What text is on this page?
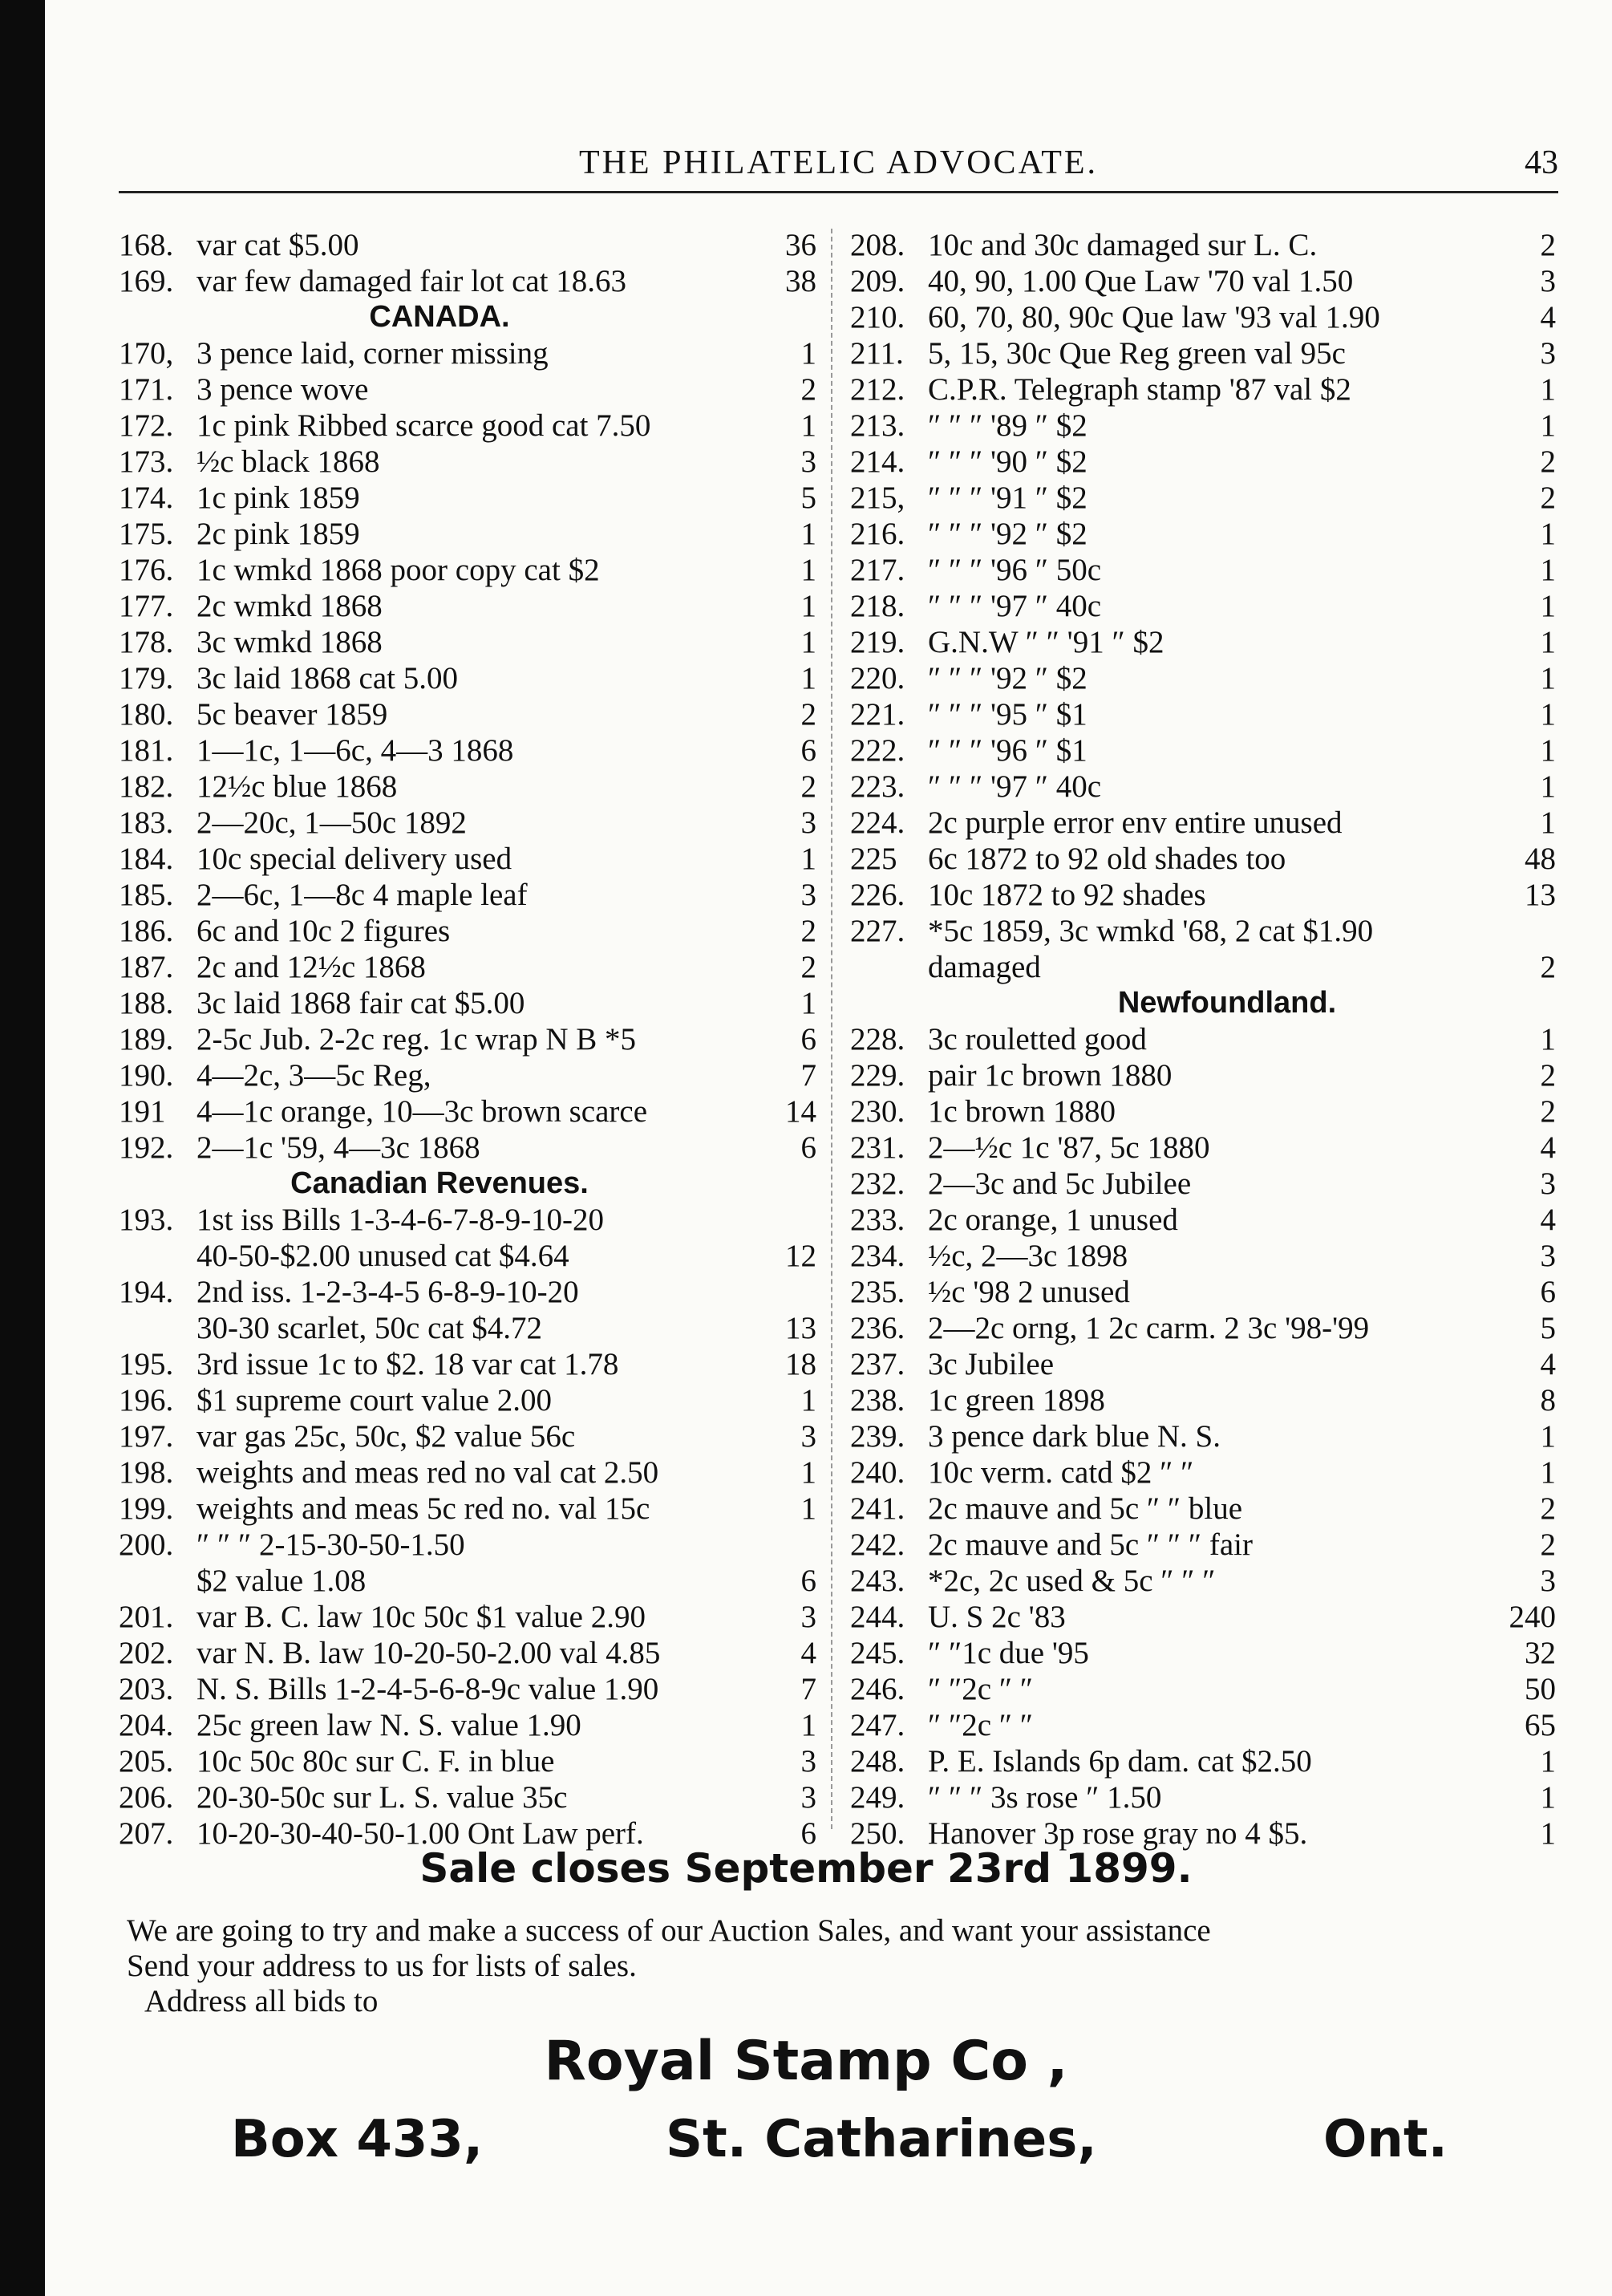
THE PHILATELIC ADVOCATE.	43
168. var cat $5.00	36
169. var few damaged fair lot cat 18.63	38
CANADA.
170, 3 pence laid, corner missing	1
171. 3 pence wove	2
172. 1c pink Ribbed scarce good cat 7.50	1
173. ½c black 1868	3
174. 1c pink 1859	5
175. 2c pink 1859	1
176. 1c wmkd 1868 poor copy cat $2	1
177. 2c wmkd 1868	1
178. 3c wmkd 1868	1
179. 3c laid 1868 cat 5.00	1
180. 5c beaver 1859	2
181. 1—1c, 1—6c, 4—3 1868	6
182. 12½c blue 1868	2
183. 2—20c, 1—50c 1892	3
184. 10c special delivery used	1
185. 2—6c, 1—8c 4 maple leaf	3
186. 6c and 10c 2 figures	2
187. 2c and 12½c 1868	2
188. 3c laid 1868 fair cat $5.00	1
189. 2-5c Jub. 2-2c reg. 1c wrap N B *5	6
190. 4—2c, 3—5c Reg,	7
191 4—1c orange, 10—3c brown scarce	14
192. 2—1c '59, 4—3c 1868	6
Canadian Revenues.
193. 1st iss Bills 1-3-4-6-7-8-9-10-20
40-50-$2.00 unused cat $4.64	12
194. 2nd iss. 1-2-3-4-5 6-8-9-10-20
30-30 scarlet, 50c cat $4.72	13
195. 3rd issue 1c to $2. 18 var cat 1.78	18
196. $1 supreme court value 2.00	1
197. var gas 25c, 50c, $2 value 56c	3
198. weights and meas red no val cat 2.50	1
199. weights and meas 5c red no. val 15c	1
200. ″ ″ ″ 2-15-30-50-1.50
$2 value 1.08	6
201. var B. C. law 10c 50c $1 value 2.90	3
202. var N. B. law 10-20-50-2.00 val 4.85	4
203. N. S. Bills 1-2-4-5-6-8-9c value 1.90	7
204. 25c green law N. S. value 1.90	1
205. 10c 50c 80c sur C. F. in blue	3
206. 20-30-50c sur L. S. value 35c	3
207. 10-20-30-40-50-1.00 Ont Law perf.	6
208. 10c and 30c damaged sur L. C.	2
209. 40, 90, 1.00 Que Law '70 val 1.50	3
210. 60, 70, 80, 90c Que law '93 val 1.90	4
211. 5, 15, 30c Que Reg green val 95c	3
212. C.P.R. Telegraph stamp '87 val $2	1
213. ″ ″ ″ '89 ″ $2	1
214. ″ ″ ″ '90 ″ $2	2
215, ″ ″ ″ '91 ″ $2	2
216. ″ ″ ″ '92 ″ $2	1
217. ″ ″ ″ '96 ″ 50c	1
218. ″ ″ ″ '97 ″ 40c	1
219. G.N.W ″ ″ '91 ″ $2	1
220. ″ ″ ″ '92 ″ $2	1
221. ″ ″ ″ '95 ″ $1	1
222. ″ ″ ″ '96 ″ $1	1
223. ″ ″ ″ '97 ″ 40c	1
224. 2c purple error env entire unused	1
225 6c 1872 to 92 old shades too	48
226. 10c 1872 to 92 shades	13
227. *5c 1859, 3c wmkd '68, 2 cat $1.90
damaged	2
Newfoundland.
228. 3c rouletted good	1
229. pair 1c brown 1880	2
230. 1c brown 1880	2
231. 2—½c 1c '87, 5c 1880	4
232. 2—3c and 5c Jubilee	3
233. 2c orange, 1 unused	4
234. ½c, 2—3c 1898	3
235. ½c '98 2 unused	6
236. 2—2c orng, 1 2c carm. 2 3c '98-'99	5
237. 3c Jubilee	4
238. 1c green 1898	8
239. 3 pence dark blue N. S.	1
240. 10c verm. catd $2 ″ ″	1
241. 2c mauve and 5c ″ ″ blue	2
242. 2c mauve and 5c ″ ″ ″ fair	2
243. *2c, 2c used & 5c ″ ″ ″	3
244. U. S 2c '83	240
245. ″ ″1c due '95	32
246. ″ ″2c ″ ″	50
247. ″ ″2c ″ ″	65
248. P. E. Islands 6p dam. cat $2.50	1
249. ″ ″ ″ 3s rose ″ 1.50	1
250. Hanover 3p rose gray no 4 $5.	1
Sale closes September 23rd 1899.
We are going to try and make a success of our Auction Sales, and want your assistance
Send your address to us for lists of sales.
Address all bids to
Royal Stamp Co ,
Box 433,	St. Catharines,	Ont.
